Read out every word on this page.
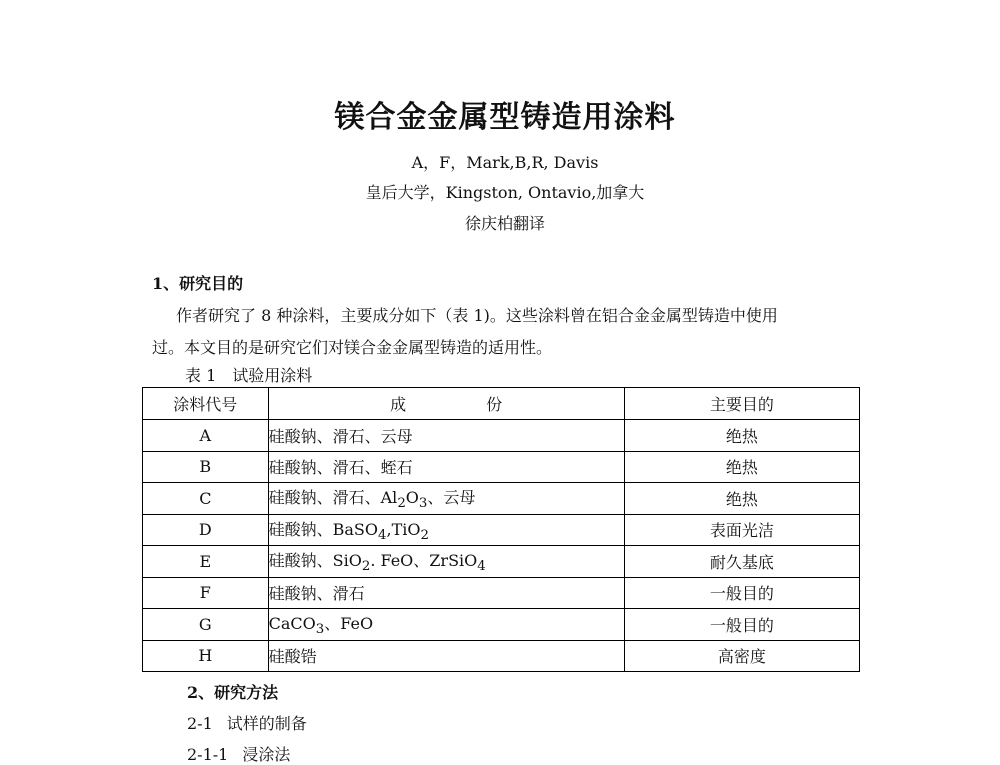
镁合金金属型铸造用涂料
A，F，Mark,B,R, Davis
皇后大学，Kingston, Ontavio,加拿大
徐庆柏翻译
1、研究目的
作者研究了 8 种涂料，主要成分如下（表 1)。这些涂料曾在铝合金金属型铸造中使用
过。本文目的是研究它们对镁合金金属型铸造的适用性。
表 1 试验用涂料
涂料代号	成 份	主要目的
A	硅酸钠、滑石、云母	绝热
B	硅酸钠、滑石、蛭石	绝热
C	硅酸钠、滑石、$Al_2O_3$、云母	绝热
D	硅酸钠、BaSO$_4$,TiO$_2$	表面光洁
E	硅酸钠、SiO$_2$. FeO、ZrSiO$_4$	耐久基底
F	硅酸钠、滑石	一般目的
G	CaCO$_3$、FeO	一般目的
H	硅酸锆	高密度
2、研究方法
2-1 试样的制备
2-1-1 浸涂法
